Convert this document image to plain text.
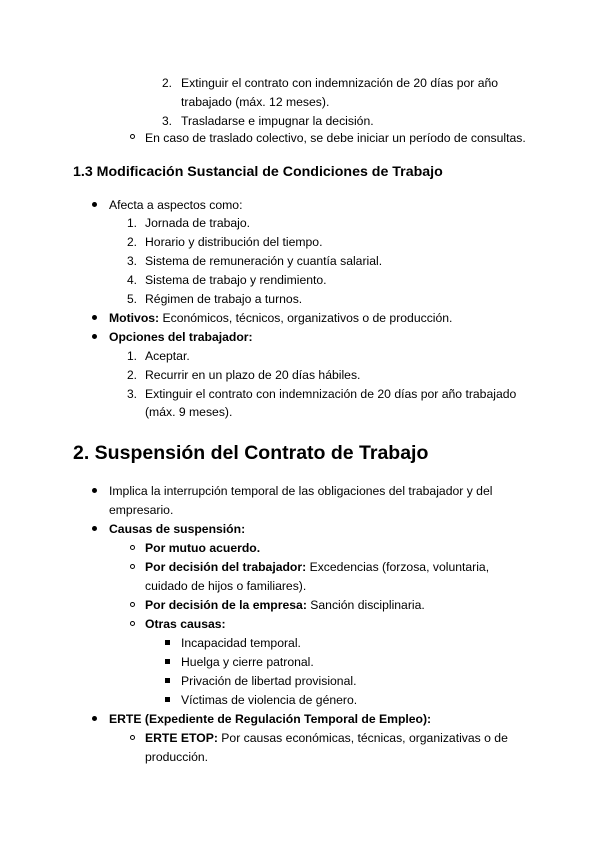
2. Extinguir el contrato con indemnización de 20 días por año
trabajado (máx. 12 meses).
3. Trasladarse e impugnar la decisión.
En caso de traslado colectivo, se debe iniciar un período de consultas.
1.3 Modificación Sustancial de Condiciones de Trabajo
Afecta a aspectos como:
1. Jornada de trabajo.
2. Horario y distribución del tiempo.
3. Sistema de remuneración y cuantía salarial.
4. Sistema de trabajo y rendimiento.
5. Régimen de trabajo a turnos.
Motivos: Económicos, técnicos, organizativos o de producción.
Opciones del trabajador:
1. Aceptar.
2. Recurrir en un plazo de 20 días hábiles.
3. Extinguir el contrato con indemnización de 20 días por año trabajado
(máx. 9 meses).
2. Suspensión del Contrato de Trabajo
Implica la interrupción temporal de las obligaciones del trabajador y del
empresario.
Causas de suspensión:
Por mutuo acuerdo.
Por decisión del trabajador: Excedencias (forzosa, voluntaria,
cuidado de hijos o familiares).
Por decisión de la empresa: Sanción disciplinaria.
Otras causas:
Incapacidad temporal.
Huelga y cierre patronal.
Privación de libertad provisional.
Víctimas de violencia de género.
ERTE (Expediente de Regulación Temporal de Empleo):
ERTE ETOP: Por causas económicas, técnicas, organizativas o de
producción.
